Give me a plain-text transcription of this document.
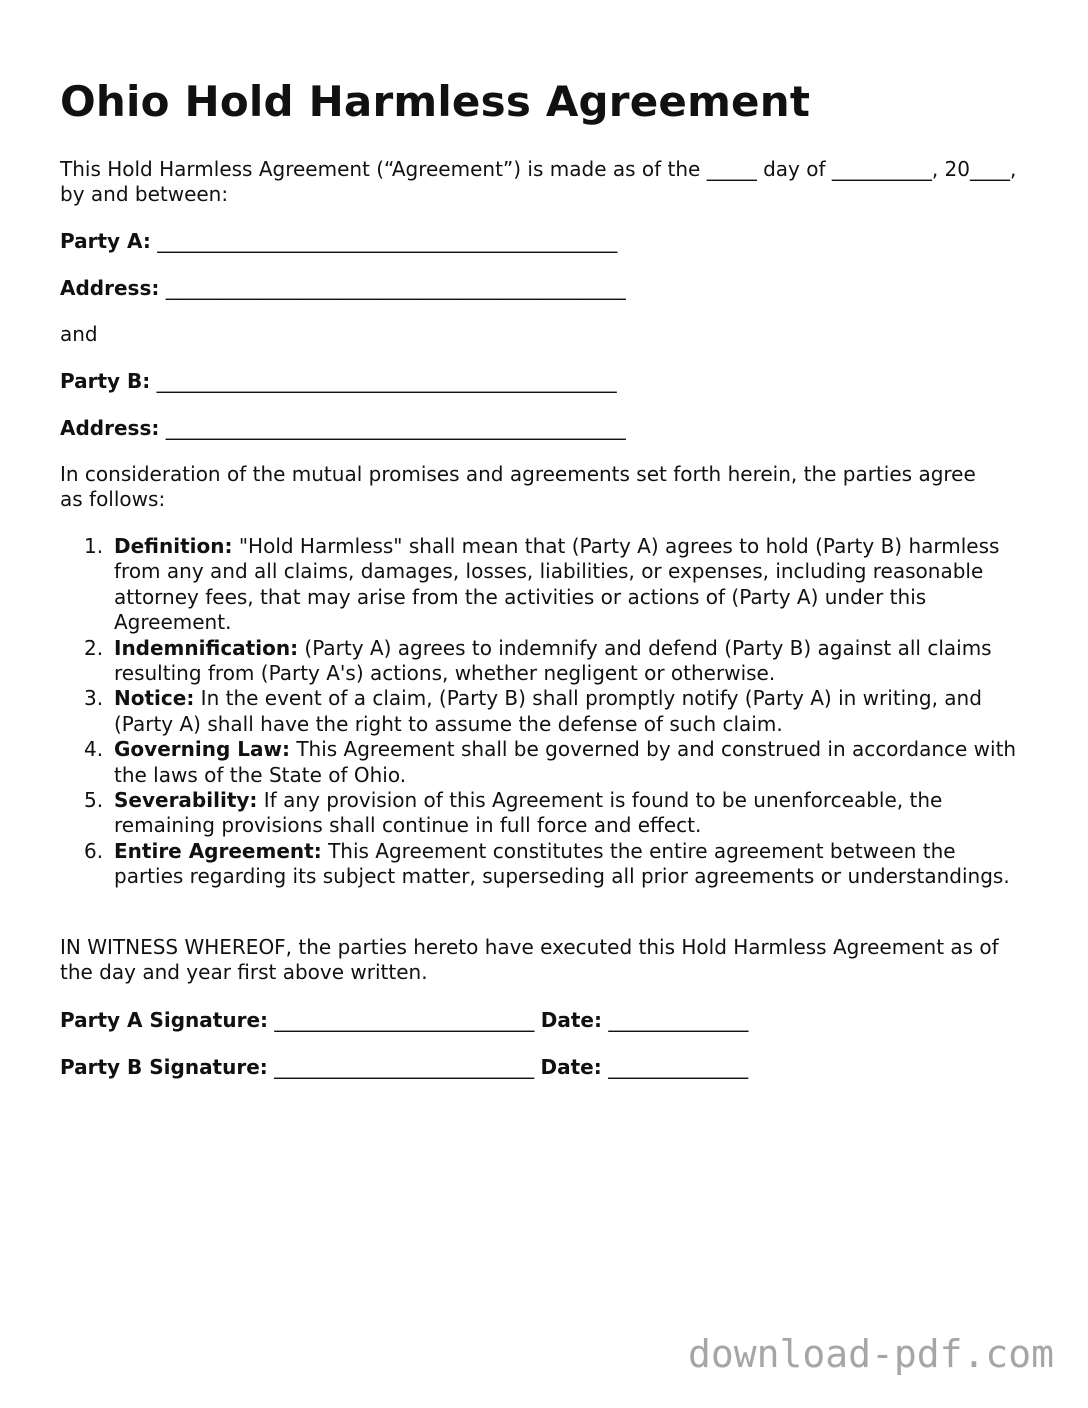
Ohio Hold Harmless Agreement

This Hold Harmless Agreement (“Agreement”) is made as of the _____ day of __________, 20____, by and between:

Party A: ______________________________________________

Address: ______________________________________________

and

Party B: ______________________________________________

Address: ______________________________________________

In consideration of the mutual promises and agreements set forth herein, the parties agree as follows:

1. Definition: "Hold Harmless" shall mean that (Party A) agrees to hold (Party B) harmless from any and all claims, damages, losses, liabilities, or expenses, including reasonable attorney fees, that may arise from the activities or actions of (Party A) under this Agreement.
2. Indemnification: (Party A) agrees to indemnify and defend (Party B) against all claims resulting from (Party A's) actions, whether negligent or otherwise.
3. Notice: In the event of a claim, (Party B) shall promptly notify (Party A) in writing, and (Party A) shall have the right to assume the defense of such claim.
4. Governing Law: This Agreement shall be governed by and construed in accordance with the laws of the State of Ohio.
5. Severability: If any provision of this Agreement is found to be unenforceable, the remaining provisions shall continue in full force and effect.
6. Entire Agreement: This Agreement constitutes the entire agreement between the parties regarding its subject matter, superseding all prior agreements or understandings.

IN WITNESS WHEREOF, the parties hereto have executed this Hold Harmless Agreement as of the day and year first above written.

Party A Signature: __________________________ Date: ______________

Party B Signature: __________________________ Date: ______________

download-pdf.com
